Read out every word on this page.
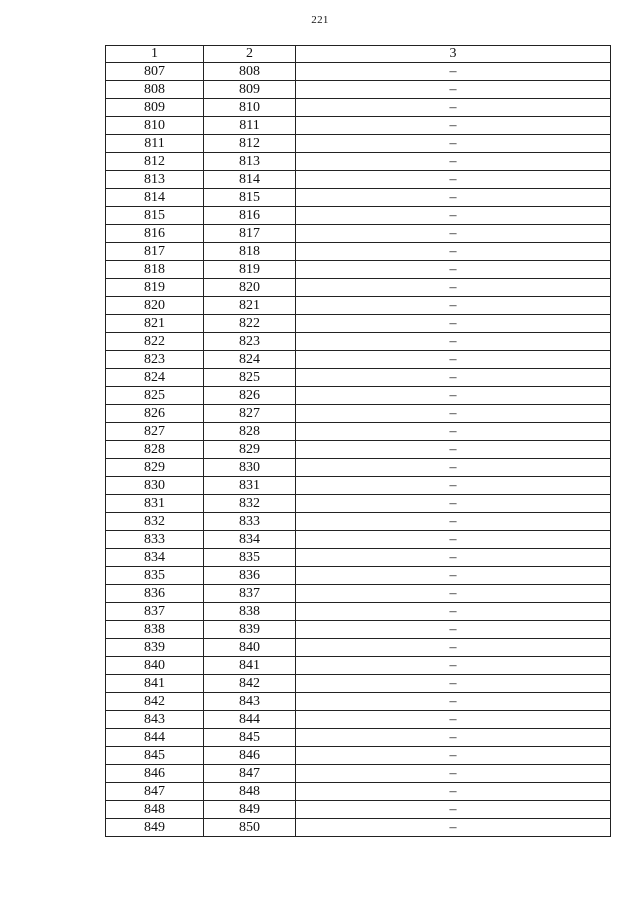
221
1	2	3
807	808	–
808	809	–
809	810	–
810	811	–
811	812	–
812	813	–
813	814	–
814	815	–
815	816	–
816	817	–
817	818	–
818	819	–
819	820	–
820	821	–
821	822	–
822	823	–
823	824	–
824	825	–
825	826	–
826	827	–
827	828	–
828	829	–
829	830	–
830	831	–
831	832	–
832	833	–
833	834	–
834	835	–
835	836	–
836	837	–
837	838	–
838	839	–
839	840	–
840	841	–
841	842	–
842	843	–
843	844	–
844	845	–
845	846	–
846	847	–
847	848	–
848	849	–
849	850	–
